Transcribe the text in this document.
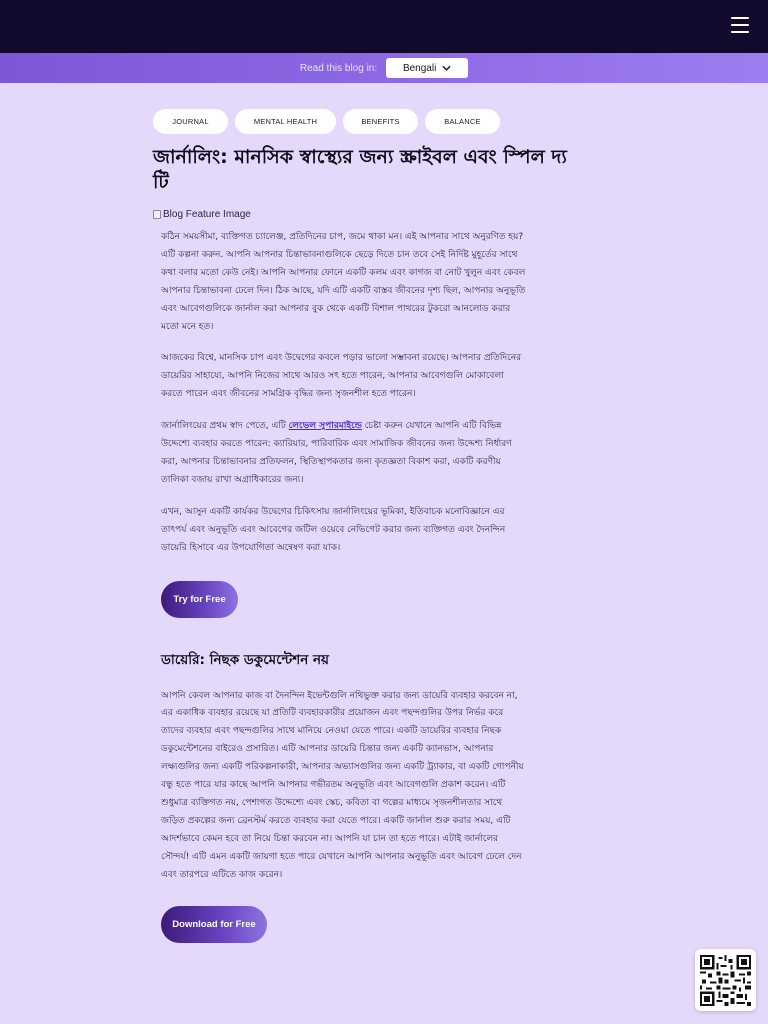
Read this blog in:	Bengali
JOURNAL	MENTAL HEALTH	BENEFITS	BALANCE
জার্নালিং: মানসিক স্বাস্থ্যের জন্য স্ক্রাইবল এবং স্পিল দ্য টি
Blog Feature Image

কঠিন সময়সীমা, ব্যক্তিগত চ্যালেঞ্জ, প্রতিদিনের চাপ, জমে থাকা মন। এই আপনার সাথে অনুরণিত হয়? এটি কল্পনা করুন. আপনি আপনার চিন্তাভাবনাগুলিকে ছেড়ে দিতে চান তবে সেই নির্দিষ্ট মুহূর্তের সাথে কথা বলার মতো কেউ নেই। আপনি আপনার ফোনে একটি কলম এবং কাগজ বা নোট খুলুন এবং কেবল আপনার চিন্তাভাবনা ঢেলে দিন। ঠিক আছে, যদি এটি একটি বাস্তব জীবনের দৃশ্য ছিল, আপনার অনুভূতি এবং আবেগগুলিকে জার্নাল করা আপনার বুক থেকে একটি বিশাল পাথরের টুকরো আনলোড করার মতো মনে হত।

আজকের বিশ্বে, মানসিক চাপ এবং উদ্বেগের কবলে পড়ার ভালো সম্ভাবনা রয়েছে। আপনার প্রতিদিনের ডায়েরির সাহায্যে, আপনি নিজের সাথে আরও সৎ হতে পারেন, আপনার আবেগগুলি মোকাবেলা করতে পারেন এবং জীবনের সামগ্রিক বৃদ্ধির জন্য সৃজনশীল হতে পারেন।

জার্নালিংয়ের প্রথম স্বাদ পেতে, এটি লেভেল সুপারমাইন্ডে চেষ্টা করুন যেখানে আপনি এটি বিভিন্ন উদ্দেশ্যে ব্যবহার করতে পারেন: ক্যারিয়ার, পারিবারিক এবং সামাজিক জীবনের জন্য উদ্দেশ্য নির্ধারণ করা, আপনার চিন্তাভাবনার প্রতিফলন, স্থিতিস্থাপকতার জন্য কৃতজ্ঞতা বিকাশ করা, একটি করণীয় তালিকা বজায় রাখা অগ্রাধিকারের জন্য।

এখন, আসুন একটি কার্যকর উদ্বেগের চিকিৎসায় জার্নালিংয়ের ভূমিকা, ইতিবাচক মনোবিজ্ঞানে এর তাৎপর্য এবং অনুভূতি এবং আবেগের জটিল ওয়েবে নেভিগেট করার জন্য ব্যক্তিগত এবং দৈনন্দিন ডায়েরি হিসাবে এর উপযোগিতা অন্বেষণ করা যাক।

Try for Free
ডায়েরি: নিছক ডকুমেন্টেশন নয়

আপনি কেবল আপনার কাজ বা দৈনন্দিন ইভেন্টগুলি নথিভুক্ত করার জন্য ডায়েরি ব্যবহার করবেন না, এর একাধিক ব্যবহার রয়েছে যা প্রতিটি ব্যবহারকারীর প্রয়োজন এবং পছন্দগুলির উপর নির্ভর করে তাদের ব্যবহার এবং পছন্দগুলির সাথে মানিয়ে নেওয়া যেতে পারে। একটি ডায়েরির ব্যবহার নিছক ডকুমেন্টেশনের বাইরেও প্রসারিত। এটি আপনার ডায়েরি চিন্তার জন্য একটি ক্যানভাস, আপনার লক্ষ্যগুলির জন্য একটি পরিকল্পনাকারী, আপনার অভ্যাসগুলির জন্য একটি ট্র্যাকার, বা একটি গোপনীয় বন্ধু হতে পারে যার কাছে আপনি আপনার গভীরতম অনুভূতি এবং আবেগগুলি প্রকাশ করেন। এটি শুধুমাত্র ব্যক্তিগত নয়, পেশাগত উদ্দেশ্যে এবং স্কেচ, কবিতা বা গল্পের মাধ্যমে সৃজনশীলতার সাথে জড়িত প্রকল্পের জন্য ব্রেনস্টর্ম করতে ব্যবহার করা যেতে পারে। একটি জার্নাল শুরু করার সময়, এটি আদর্শভাবে কেমন হবে তা নিয়ে চিন্তা করবেন না। আপনি যা চান তা হতে পারে। এটাই জার্নালের সৌন্দর্য! এটি এমন একটি জায়গা হতে পারে যেখানে আপনি আপনার অনুভূতি এবং আবেগ ঢেলে দেন এবং তারপরে এটিতে কাজ করেন।

Download for Free
